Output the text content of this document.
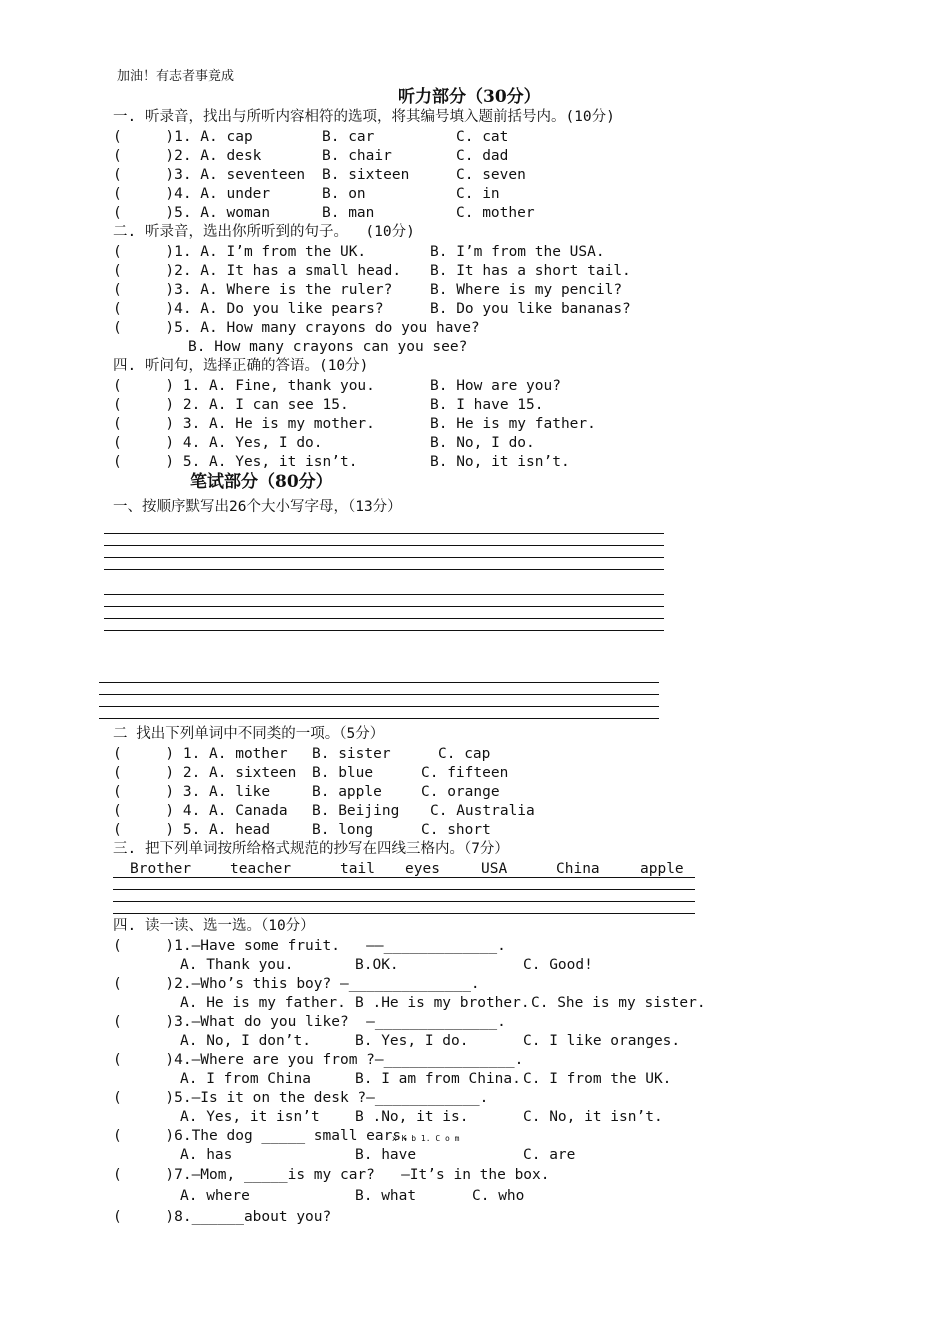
加油！有志者事竟成
听力部分（30分）
一. 听录音，找出与所听内容相符的选项，将其编号填入题前括号内。(10分)
(     )1. A. cap	B. car	C. cat
(     )2. A. desk	B. chair	C. dad
(     )3. A. seventeen B. sixteen	C. seven
(     )4. A. under	B. on	C. in
(     )5. A. woman	B. man	C. mother
二. 听录音，选出你所听到的句子。  (10分)
(     )1. A. I’m from the UK.	B. I’m from the USA.
(     )2. A. It has a small head. B. It has a short tail.
(     )3. A. Where is the ruler?	B. Where is my pencil?
(     )4. A. Do you like pears?	B. Do you like bananas?
(     )5. A. How many crayons do you have?
B. How many crayons can you see?
四. 听问句，选择正确的答语。(10分)
(     ) 1. A. Fine, thank you.	B. How are you?
(     ) 2. A. I can see 15.	B. I have 15.
(     ) 3. A. He is my mother.	B. He is my father.
(     ) 4. A. Yes, I do.	B. No, I do.
(     ) 5. A. Yes, it isn’t.	B. No, it isn’t.
笔试部分（80分）
一、按顺序默写出26个大小写字母，（13分）
二 找出下列单词中不同类的一项。（5分）
(     ) 1. A. mother B. sister	C. cap
(     ) 2. A. sixteen B. blue	C. fifteen
(     ) 3. A. like	B. apple	C. orange
(     ) 4. A. Canada B. Beijing C. Australia
(     ) 5. A. head	B. long	C. short
三. 把下列单词按所给格式规范的抄写在四线三格内。（7分）
Brother	teacher	tail eyes	USA	China	apple
四. 读一读、选一选。（10分）
(     )1.—Have some fruit.   ——_____________.
A. Thank you.	B.OK.	C. Good!
(     )2.—Who’s this boy? —______________.
A. He is my father. B .He is my brother. C. She is my sister.
(     )3.—What do you like?  —______________.
A. No, I don’t.	B. Yes, I do.	C. I like oranges.
(     )4.—Where are you from ?—_______________.
A. I from China	B. I am from China. C. I from the UK.
(     )5.—Is it on the desk ?—____________.
A. Yes, it isn’t B .No, it is.	C. No, it isn’t.
(     )6.The dog _____ small ears.
x K b 1. C o m
A. has	B. have	C. are
(     )7.—Mom, _____is my car?   —It’s in the box.
A. where	B. what	C. who
(     )8.______about you?
